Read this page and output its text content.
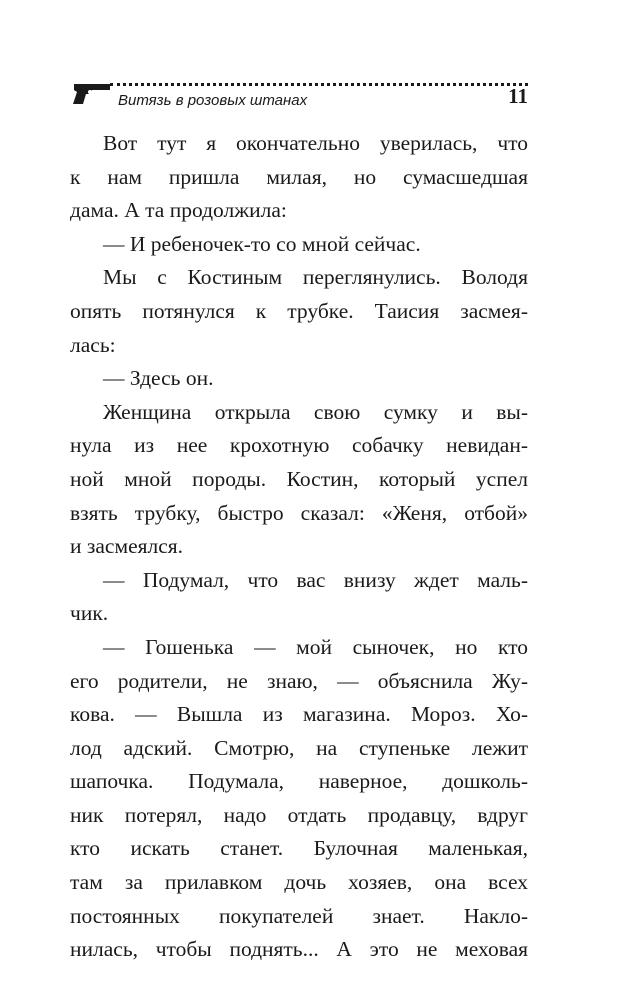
Витязь в розовых штанах	11
Вот тут я окончательно уверилась, что
к нам пришла милая, но сумасшедшая
дама. А та продолжила:
— И ребеночек-то со мной сейчас.
Мы с Костиным переглянулись. Володя
опять потянулся к трубке. Таисия засмея-
лась:
— Здесь он.
Женщина открыла свою сумку и вы-
нула из нее крохотную собачку невидан-
ной мной породы. Костин, который успел
взять трубку, быстро сказал: «Женя, отбой»
и засмеялся.
— Подумал, что вас внизу ждет маль-
чик.
— Гошенька — мой сыночек, но кто
его родители, не знаю, — объяснила Жу-
кова. — Вышла из магазина. Мороз. Хо-
лод адский. Смотрю, на ступеньке лежит
шапочка. Подумала, наверное, дошколь-
ник потерял, надо отдать продавцу, вдруг
кто искать станет. Булочная маленькая,
там за прилавком дочь хозяев, она всех
постоянных покупателей знает. Накло-
нилась, чтобы поднять... А это не меховая
